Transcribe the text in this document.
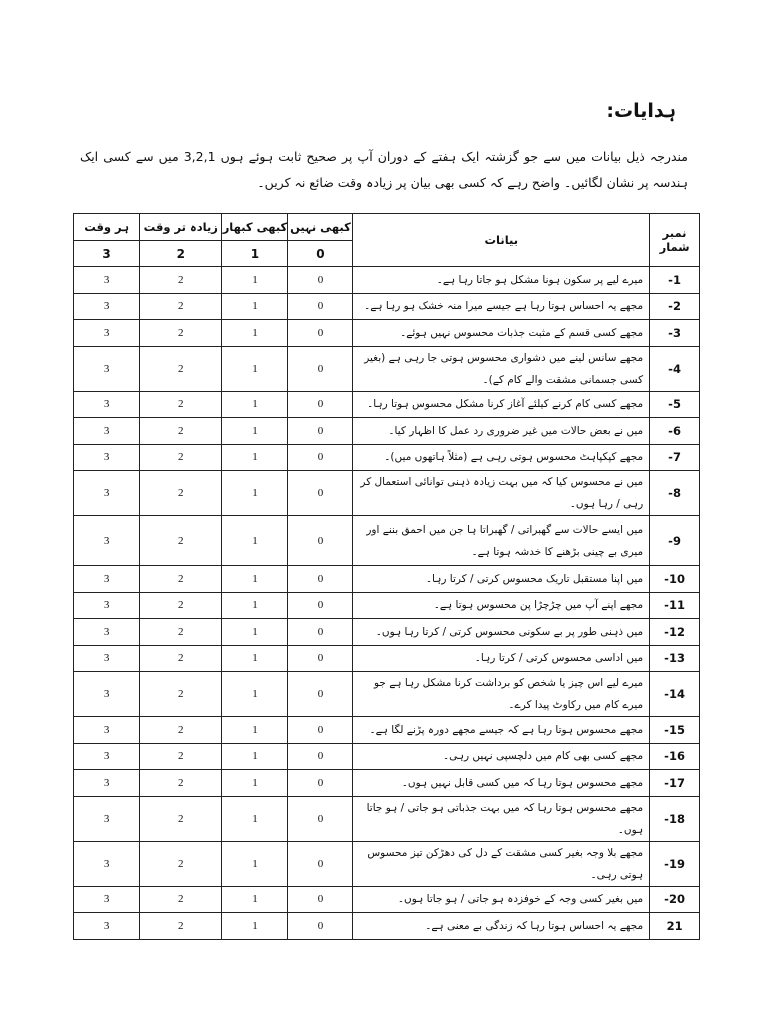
ہدایات:

مندرجہ ذیل بیانات میں سے جو گزشتہ ایک ہفتے کے دوران آپ پر صحیح ثابت ہوئے ہوں 3,2,1 میں سے کسی ایک ہندسہ پر نشان لگائیں۔ واضح رہے کہ کسی بھی بیان پر زیادہ وقت ضائع نہ کریں۔

نمبر شمار	بیانات	کبھی نہیں	کبھی کبھار	زیادہ تر وقت	ہر وقت
		0	1	2	3
1-	میرے لیے پر سکون ہونا مشکل ہو جاتا رہا ہے۔	0	1	2	3
2-	مجھے یہ احساس ہوتا رہا ہے جیسے میرا منہ خشک ہو رہا ہے۔	0	1	2	3
3-	مجھے کسی قسم کے مثبت جذبات محسوس نہیں ہوئے۔	0	1	2	3
4-	مجھے سانس لینے میں دشواری محسوس ہوتی جا رہی ہے (بغیر کسی جسمانی مشقت والے کام کے)۔	0	1	2	3
5-	مجھے کسی کام کرنے کیلئے آغاز کرنا مشکل محسوس ہوتا رہا۔	0	1	2	3
6-	میں نے بعض حالات میں غیر ضروری رد عمل کا اظہار کیا۔	0	1	2	3
7-	مجھے کپکپاہٹ محسوس ہوتی رہی ہے (مثلاً ہاتھوں میں)۔	0	1	2	3
8-	میں نے محسوس کیا کہ میں بہت زیادہ ذہنی توانائی استعمال کر رہی / رہا ہوں۔	0	1	2	3
9-	میں ایسے حالات سے گھبراتی / گھبراتا ہا جن میں احمق بننے اور میری بے چینی بڑھنے کا خدشہ ہوتا ہے۔	0	1	2	3
10-	میں اپنا مستقبل تاریک محسوس کرتی / کرتا رہا۔	0	1	2	3
11-	مجھے اپنے آپ میں چڑچڑا پن محسوس ہوتا ہے۔	0	1	2	3
12-	میں ذہنی طور پر بے سکونی محسوس کرتی / کرتا رہا ہوں۔	0	1	2	3
13-	میں اداسی محسوس کرتی / کرتا رہا۔	0	1	2	3
14-	میرے لیے اس چیز یا شخص کو برداشت کرنا مشکل رہا ہے جو میرے کام میں رکاوٹ پیدا کرے۔	0	1	2	3
15-	مجھے محسوس ہوتا رہا ہے کہ جیسے مجھے دورہ پڑنے لگا ہے۔	0	1	2	3
16-	مجھے کسی بھی کام میں دلچسپی نہیں رہی۔	0	1	2	3
17-	مجھے محسوس ہوتا رہا کہ میں کسی قابل نہیں ہوں۔	0	1	2	3
18-	مجھے محسوس ہوتا رہا کہ میں بہت جذباتی ہو جاتی / ہو جاتا ہوں۔	0	1	2	3
19-	مجھے بلا وجہ بغیر کسی مشقت کے دل کی دھڑکن تیز محسوس ہوتی رہی۔	0	1	2	3
20-	میں بغیر کسی وجہ کے خوفزدہ ہو جاتی / ہو جاتا ہوں۔	0	1	2	3
21	مجھے یہ احساس ہوتا رہا کہ زندگی بے معنی ہے۔	0	1	2	3
